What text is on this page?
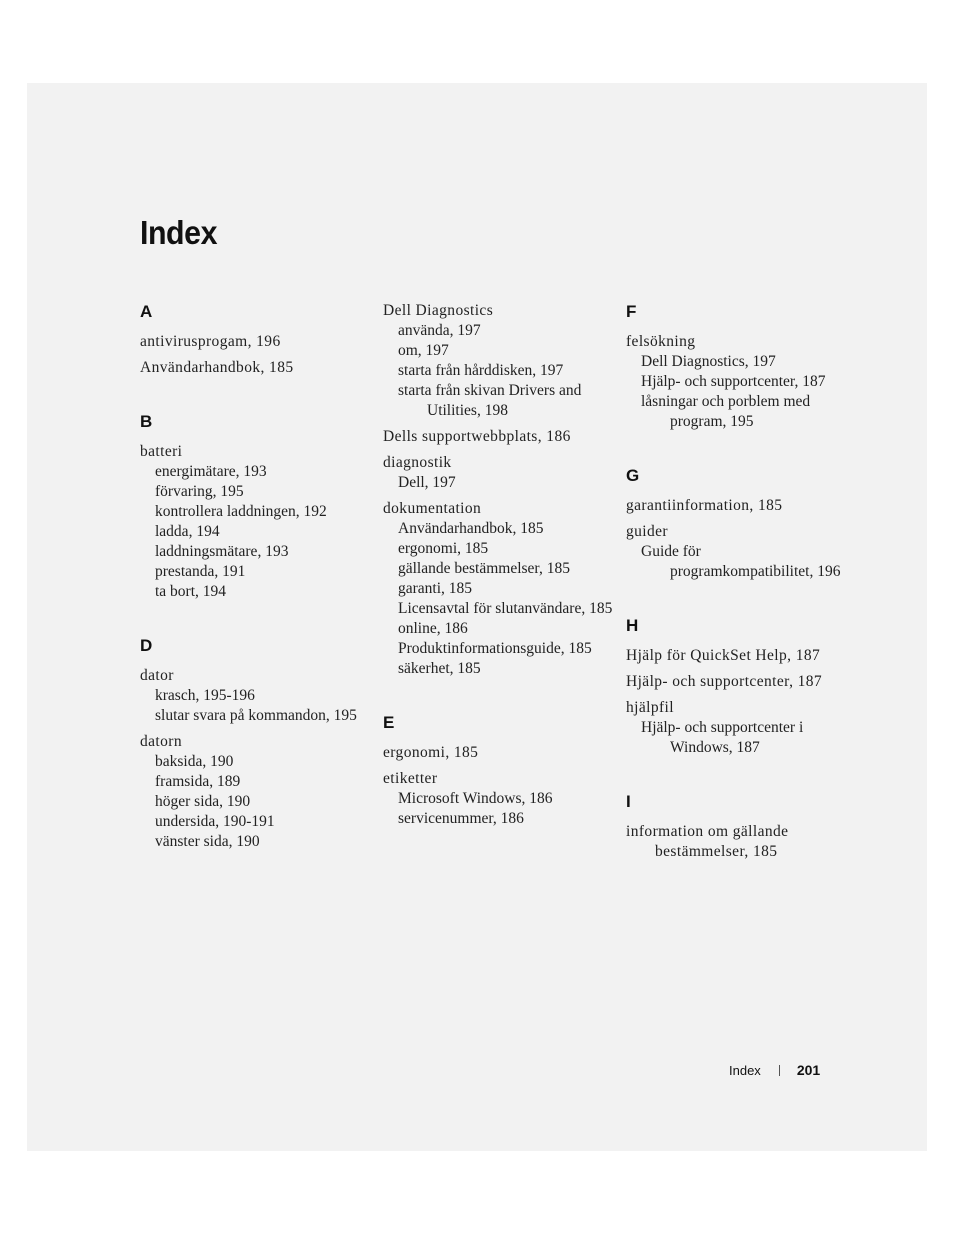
Index
A
antivirusprogam, 196
Användarhandbok, 185
B
batteri
energimätare, 193
förvaring, 195
kontrollera laddningen, 192
ladda, 194
laddningsmätare, 193
prestanda, 191
ta bort, 194
D
dator
krasch, 195-196
slutar svara på kommandon, 195
datorn
baksida, 190
framsida, 189
höger sida, 190
undersida, 190-191
vänster sida, 190
Dell Diagnostics
använda, 197
om, 197
starta från hårddisken, 197
starta från skivan Drivers and Utilities, 198
Dells supportwebbplats, 186
diagnostik
Dell, 197
dokumentation
Användarhandbok, 185
ergonomi, 185
gällande bestämmelser, 185
garanti, 185
Licensavtal för slutanvändare, 185
online, 186
Produktinformationsguide, 185
säkerhet, 185
E
ergonomi, 185
etiketter
Microsoft Windows, 186
servicenummer, 186
F
felsökning
Dell Diagnostics, 197
Hjälp- och supportcenter, 187
låsningar och porblem med program, 195
G
garantiinformation, 185
guider
Guide för programkompatibilitet, 196
H
Hjälp för QuickSet Help, 187
Hjälp- och supportcenter, 187
hjälpfil
Hjälp- och supportcenter i Windows, 187
I
information om gällande bestämmelser, 185
Index	201
